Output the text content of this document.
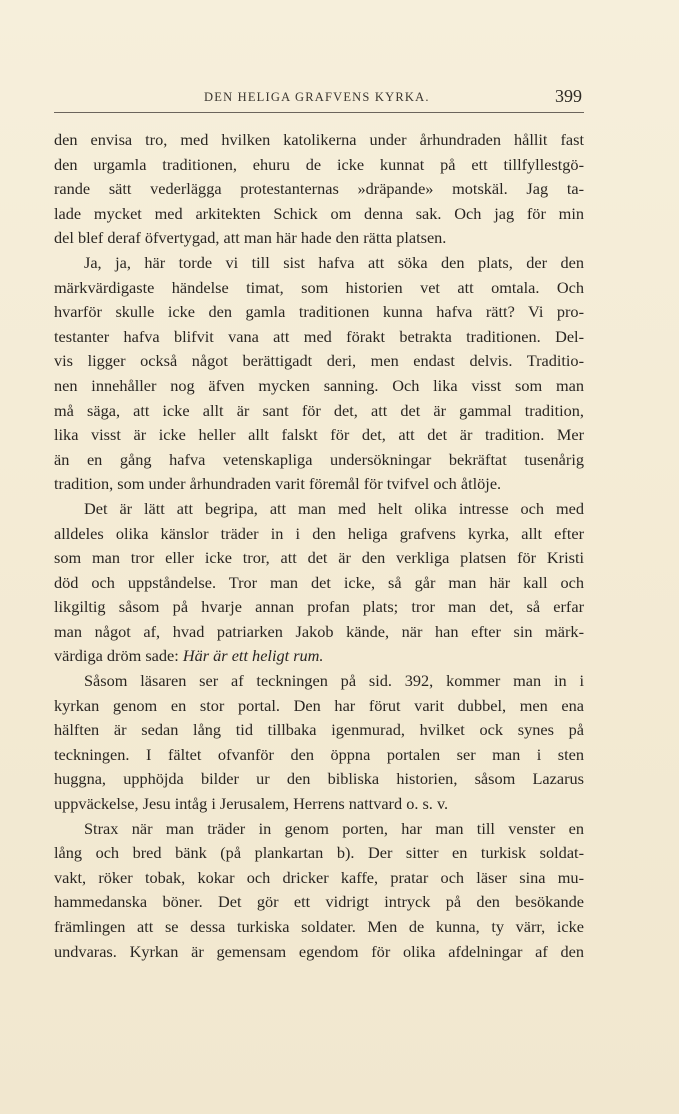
DEN HELIGA GRAFVENS KYRKA.	399
den envisa tro, med hvilken katolikerna under århundraden hållit fast
den urgamla traditionen, ehuru de icke kunnat på ett tillfyllestgö-
rande sätt vederlägga protestanternas »dräpande» motskäl. Jag ta-
lade mycket med arkitekten Schick om denna sak. Och jag för min
del blef deraf öfvertygad, att man här hade den rätta platsen.
Ja, ja, här torde vi till sist hafva att söka den plats, der den
märkvärdigaste händelse timat, som historien vet att omtala. Och
hvarför skulle icke den gamla traditionen kunna hafva rätt? Vi pro-
testanter hafva blifvit vana att med förakt betrakta traditionen. Del-
vis ligger också något berättigadt deri, men endast delvis. Traditio-
nen innehåller nog äfven mycken sanning. Och lika visst som man
må säga, att icke allt är sant för det, att det är gammal tradition,
lika visst är icke heller allt falskt för det, att det är tradition. Mer
än en gång hafva vetenskapliga undersökningar bekräftat tusenårig
tradition, som under århundraden varit föremål för tvifvel och åtlöje.
Det är lätt att begripa, att man med helt olika intresse och med
alldeles olika känslor träder in i den heliga grafvens kyrka, allt efter
som man tror eller icke tror, att det är den verkliga platsen för Kristi
död och uppståndelse. Tror man det icke, så går man här kall och
likgiltig såsom på hvarje annan profan plats; tror man det, så erfar
man något af, hvad patriarken Jakob kände, när han efter sin märk-
värdiga dröm sade: Här är ett heligt rum.
Såsom läsaren ser af teckningen på sid. 392, kommer man in i
kyrkan genom en stor portal. Den har förut varit dubbel, men ena
hälften är sedan lång tid tillbaka igenmurad, hvilket ock synes på
teckningen. I fältet ofvanför den öppna portalen ser man i sten
huggna, upphöjda bilder ur den bibliska historien, såsom Lazarus
uppväckelse, Jesu intåg i Jerusalem, Herrens nattvard o. s. v.
Strax när man träder in genom porten, har man till venster en
lång och bred bänk (på plankartan b). Der sitter en turkisk soldat-
vakt, röker tobak, kokar och dricker kaffe, pratar och läser sina mu-
hammedanska böner. Det gör ett vidrigt intryck på den besökande
främlingen att se dessa turkiska soldater. Men de kunna, ty värr, icke
undvaras. Kyrkan är gemensam egendom för olika afdelningar af den
